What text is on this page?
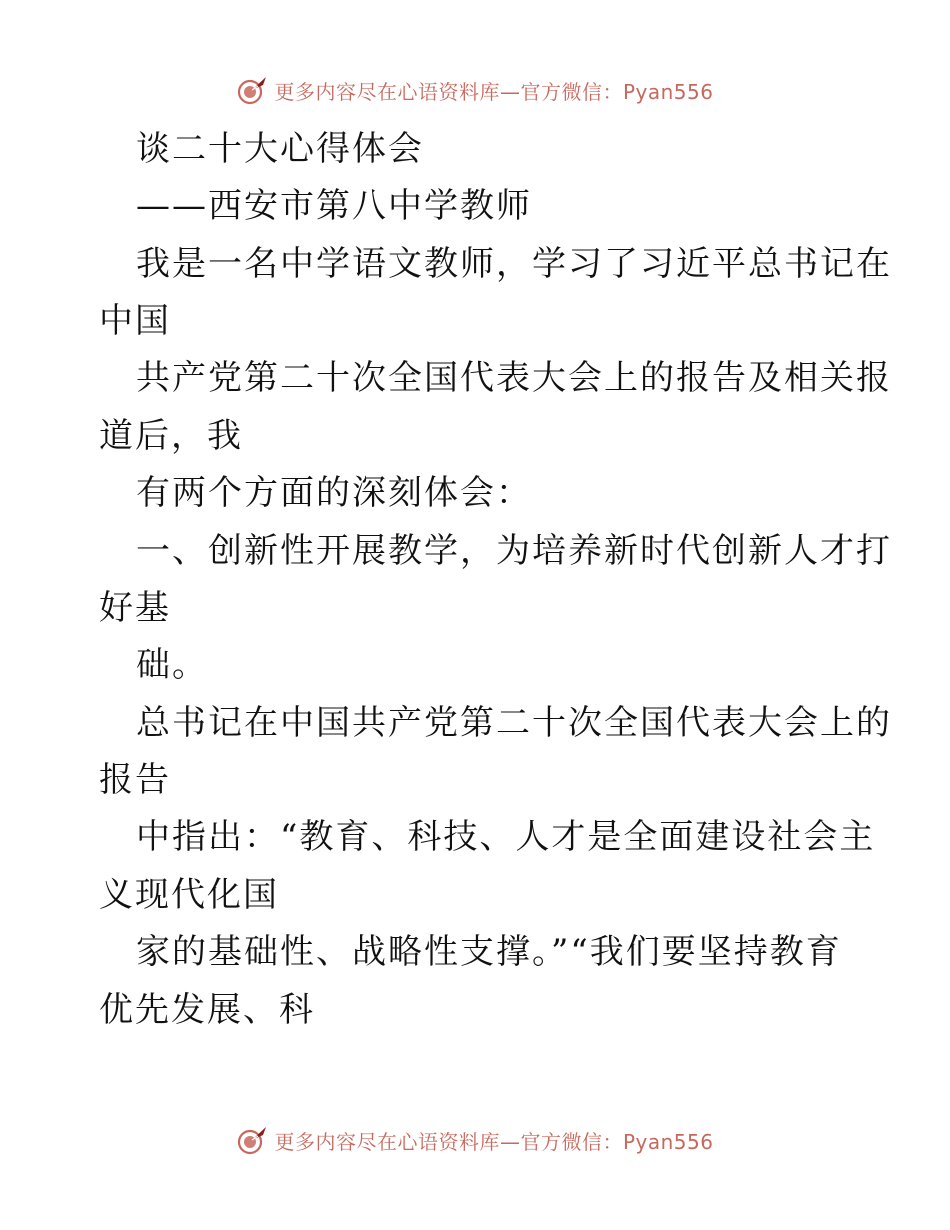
更多内容尽在心语资料库—官方微信：Pyan556
谈二十大心得体会
——西安市第八中学教师
我是一名中学语文教师，学习了习近平总书记在
中国
共产党第二十次全国代表大会上的报告及相关报
道后，我
有两个方面的深刻体会：
一、创新性开展教学，为培养新时代创新人才打
好基
础。
总书记在中国共产党第二十次全国代表大会上的
报告
中指出：“教育、科技、人才是全面建设社会主
义现代化国
家的基础性、战略性支撑。”“我们要坚持教育
优先发展、科
更多内容尽在心语资料库—官方微信：Pyan556
